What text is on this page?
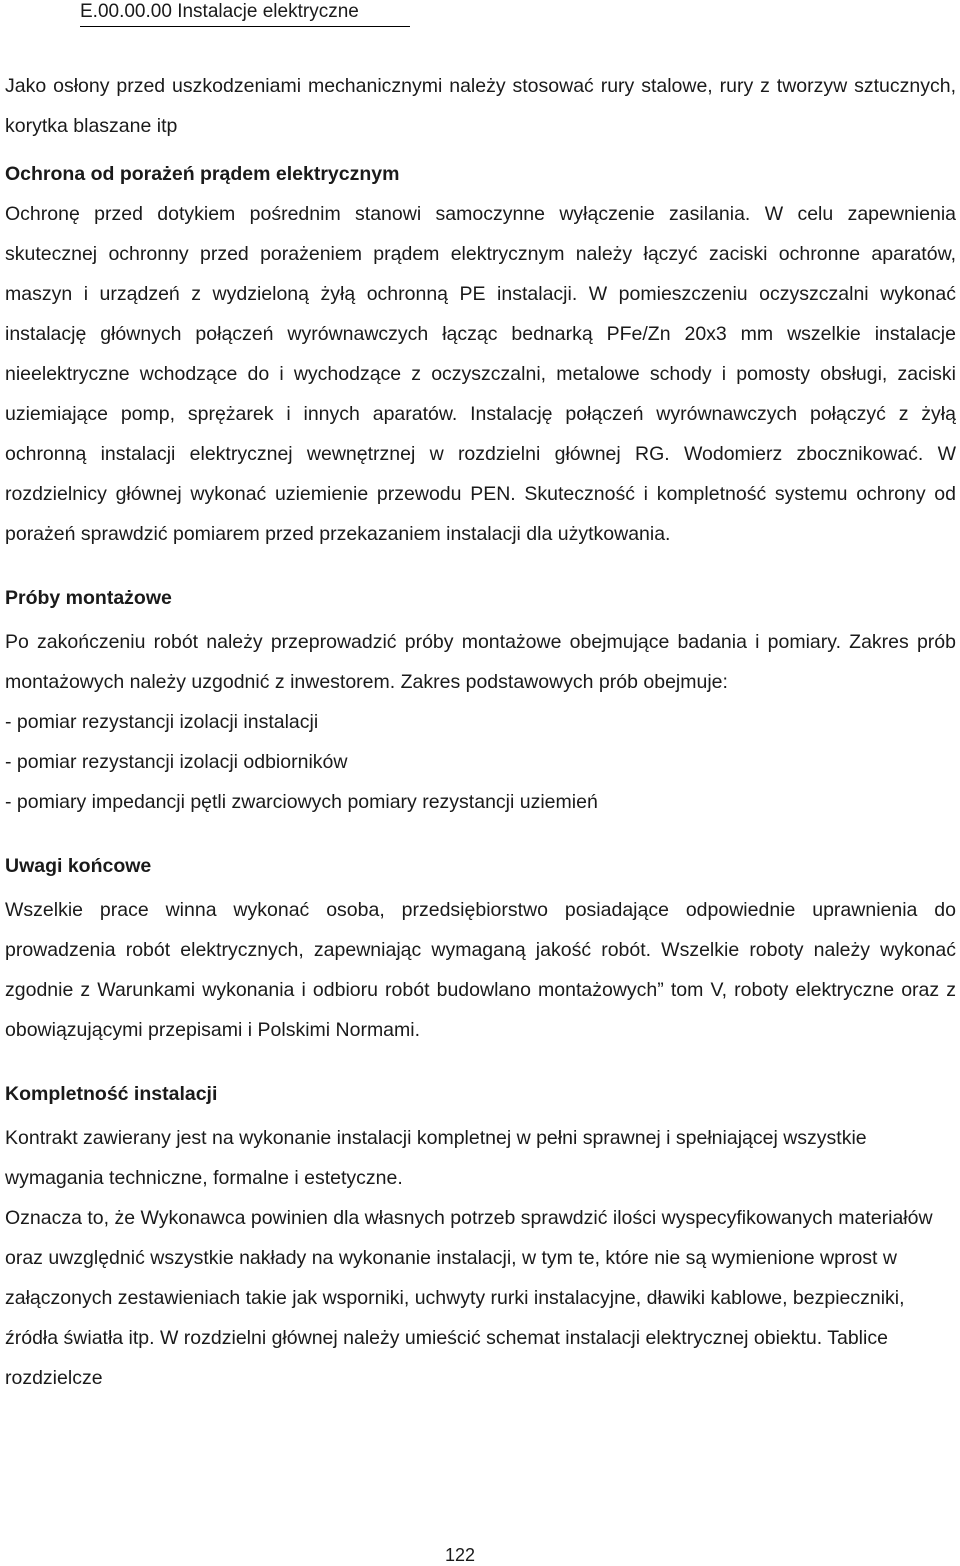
E.00.00.00 Instalacje elektryczne

Jako osłony przed uszkodzeniami mechanicznymi należy stosować rury stalowe, rury z tworzyw sztucznych, korytka blaszane itp

Ochrona od porażeń prądem elektrycznym

Ochronę przed dotykiem pośrednim stanowi samoczynne wyłączenie zasilania. W celu zapewnienia skutecznej ochronny przed porażeniem prądem elektrycznym należy łączyć zaciski ochronne aparatów, maszyn i urządzeń z wydzieloną żyłą ochronną PE instalacji. W pomieszczeniu oczyszczalni wykonać instalację głównych połączeń wyrównawczych łącząc bednarką PFe/Zn 20x3 mm wszelkie instalacje nieelektryczne wchodzące do i wychodzące z oczyszczalni, metalowe schody i pomosty obsługi, zaciski uziemiające pomp, sprężarek i innych aparatów. Instalację połączeń wyrównawczych połączyć z żyłą ochronną instalacji elektrycznej wewnętrznej w rozdzielni głównej RG. Wodomierz zbocznikować. W rozdzielnicy głównej wykonać uziemienie przewodu PEN. Skuteczność i kompletność systemu ochrony od porażeń sprawdzić pomiarem przed przekazaniem instalacji dla użytkowania.

Próby montażowe

Po zakończeniu robót należy przeprowadzić próby montażowe obejmujące badania i pomiary. Zakres prób montażowych należy uzgodnić z inwestorem. Zakres podstawowych prób obejmuje:

- pomiar rezystancji izolacji instalacji

- pomiar rezystancji izolacji odbiorników

- pomiary impedancji pętli zwarciowych pomiary rezystancji uziemień

Uwagi końcowe

Wszelkie prace winna wykonać osoba, przedsiębiorstwo posiadające odpowiednie uprawnienia do prowadzenia robót elektrycznych, zapewniając wymaganą jakość robót. Wszelkie roboty należy wykonać zgodnie z Warunkami wykonania i odbioru robót budowlano montażowych” tom V, roboty elektryczne oraz z obowiązującymi przepisami i Polskimi Normami.

Kompletność instalacji

Kontrakt zawierany jest na wykonanie instalacji kompletnej w pełni sprawnej i spełniającej wszystkie wymagania techniczne, formalne i estetyczne.

Oznacza to, że Wykonawca powinien dla własnych potrzeb sprawdzić ilości wyspecyfikowanych materiałów oraz uwzględnić wszystkie nakłady na wykonanie instalacji, w tym te, które nie są wymienione wprost w załączonych zestawieniach takie jak wsporniki, uchwyty rurki instalacyjne, dławiki kablowe, bezpieczniki, źródła światła itp. W rozdzielni głównej należy umieścić schemat instalacji elektrycznej obiektu. Tablice rozdzielcze

122
